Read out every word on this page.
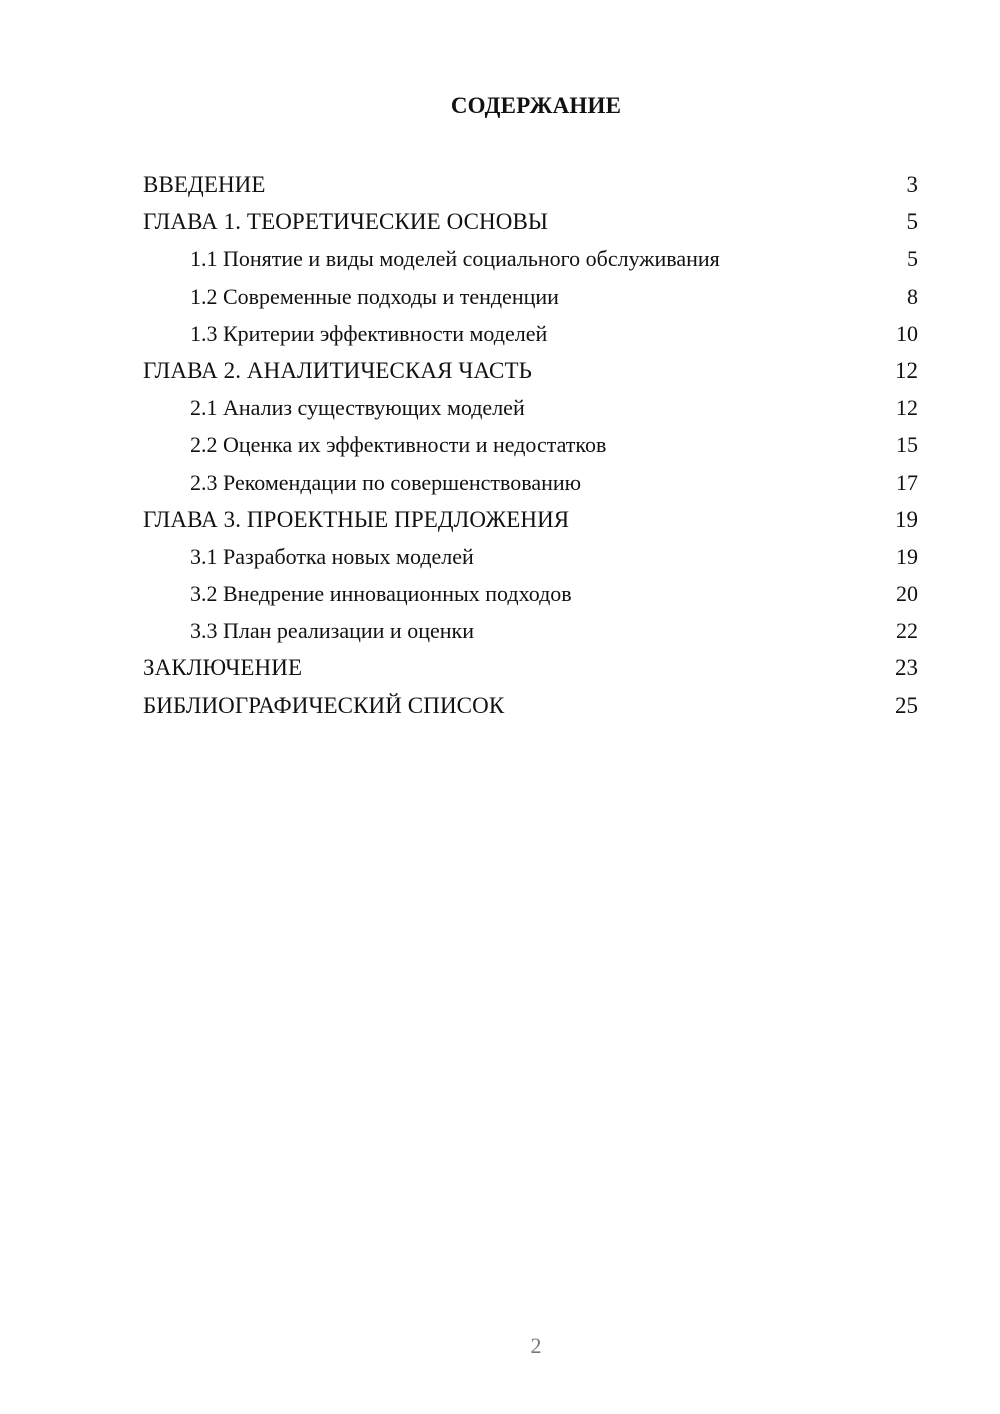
СОДЕРЖАНИЕ
ВВЕДЕНИЕ	3
ГЛАВА 1. ТЕОРЕТИЧЕСКИЕ ОСНОВЫ	5
1.1 Понятие и виды моделей социального обслуживания	5
1.2 Современные подходы и тенденции	8
1.3 Критерии эффективности моделей	10
ГЛАВА 2. АНАЛИТИЧЕСКАЯ ЧАСТЬ	12
2.1 Анализ существующих моделей	12
2.2 Оценка их эффективности и недостатков	15
2.3 Рекомендации по совершенствованию	17
ГЛАВА 3. ПРОЕКТНЫЕ ПРЕДЛОЖЕНИЯ	19
3.1 Разработка новых моделей	19
3.2 Внедрение инновационных подходов	20
3.3 План реализации и оценки	22
ЗАКЛЮЧЕНИЕ	23
БИБЛИОГРАФИЧЕСКИЙ СПИСОК	25
2
